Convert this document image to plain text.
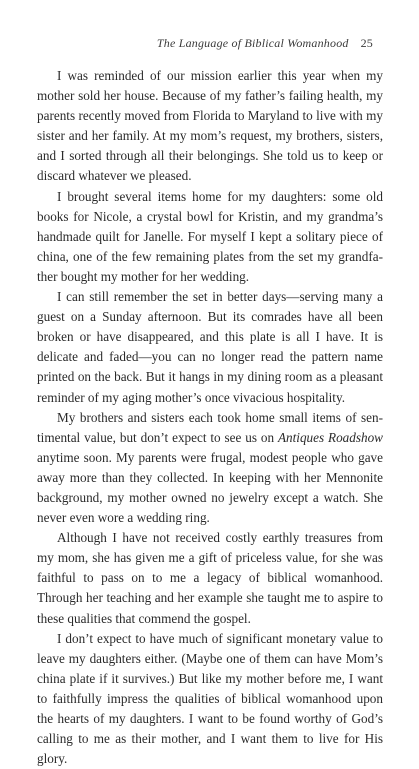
The Language of Biblical Womanhood 25

I was reminded of our mission earlier this year when my mother sold her house. Because of my father’s failing health, my parents recently moved from Florida to Maryland to live with my sister and her family. At my mom’s request, my brothers, sisters, and I sorted through all their belongings. She told us to keep or discard whatever we pleased.

I brought several items home for my daughters: some old books for Nicole, a crystal bowl for Kristin, and my grandma’s handmade quilt for Janelle. For myself I kept a solitary piece of china, one of the few remaining plates from the set my grandfather bought my mother for her wedding.

I can still remember the set in better days—serving many a guest on a Sunday afternoon. But its comrades have all been broken or have disappeared, and this plate is all I have. It is delicate and faded—you can no longer read the pattern name printed on the back. But it hangs in my dining room as a pleasant reminder of my aging mother’s once vivacious hospitality.

My brothers and sisters each took home small items of sentimental value, but don’t expect to see us on Antiques Roadshow anytime soon. My parents were frugal, modest people who gave away more than they collected. In keeping with her Mennonite background, my mother owned no jewelry except a watch. She never even wore a wedding ring.

Although I have not received costly earthly treasures from my mom, she has given me a gift of priceless value, for she was faithful to pass on to me a legacy of biblical womanhood. Through her teaching and her example she taught me to aspire to these qualities that commend the gospel.

I don’t expect to have much of significant monetary value to leave my daughters either. (Maybe one of them can have Mom’s china plate if it survives.) But like my mother before me, I want to faithfully impress the qualities of biblical womanhood upon the hearts of my daughters. I want to be found worthy of God’s calling to me as their mother, and I want them to live for His glory.
